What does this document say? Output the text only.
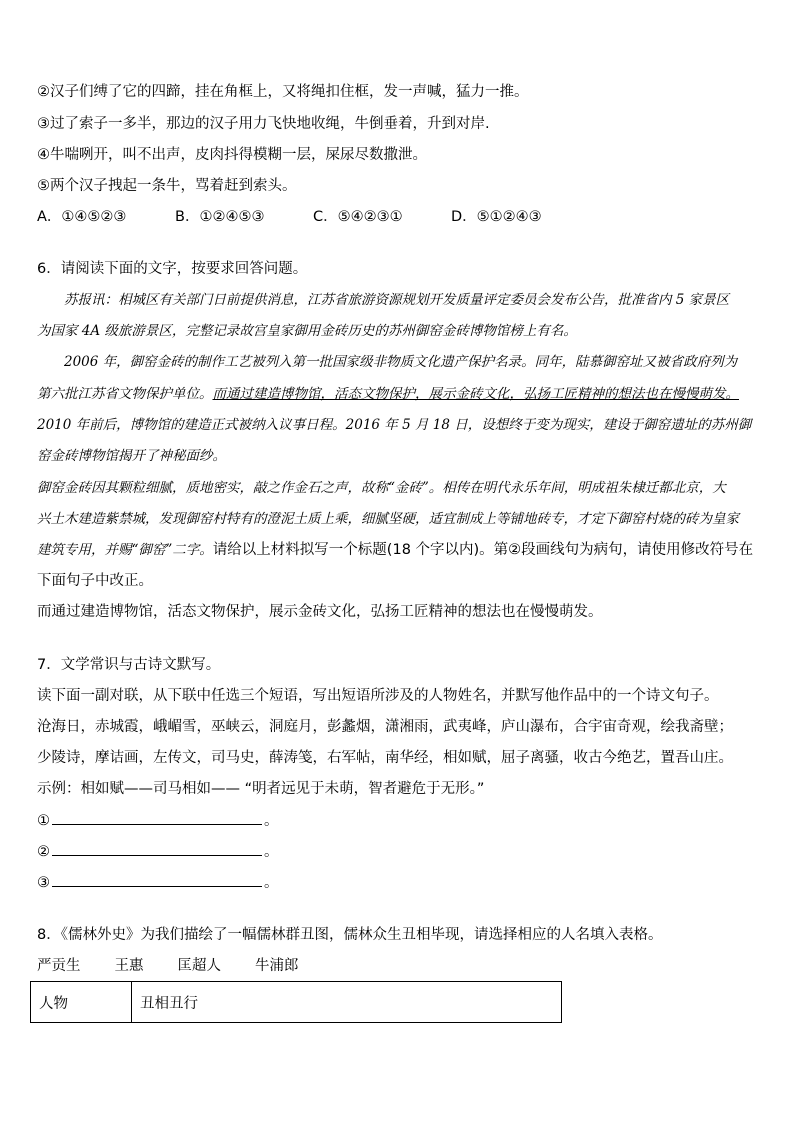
②汉子们缚了它的四蹄，挂在角框上，又将绳扣住框，发一声喊，猛力一推。
③过了索子一多半，那边的汉子用力飞快地收绳，牛倒垂着，升到对岸.
④牛喘咧开，叫不出声，皮肉抖得模糊一层，屎尿尽数撒泄。
⑤两个汉子拽起一条牛，骂着赶到索头。
A．①④⑤②③	B．①②④⑤③	C．⑤④②③①	D．⑤①②④③
6．请阅读下面的文字，按要求回答问题。
苏报讯：相城区有关部门日前提供消息，江苏省旅游资源规划开发质量评定委员会发布公告，批准省内 5 家景区
为国家 4A 级旅游景区，完整记录故宫皇家御用金砖历史的苏州御窑金砖博物馆榜上有名。
2006 年，御窑金砖的制作工艺被列入第一批国家级非物质文化遗产保护名录。同年，陆慕御窑址又被省政府列为
第六批江苏省文物保护单位。而通过建造博物馆，活态文物保护，展示金砖文化，弘扬工匠精神的想法也在慢慢萌发。
2010 年前后，博物馆的建造正式被纳入议事日程。2016 年 5 月 18 日，设想终于变为现实，建设于御窑遗址的苏州御
窑金砖博物馆揭开了神秘面纱。
御窑金砖因其颗粒细腻，质地密实，敲之作金石之声，故称“金砖”。相传在明代永乐年间，明成祖朱棣迁都北京，大
兴土木建造紫禁城，发现御窑村特有的澄泥土质上乘，细腻坚硬，适宜制成上等铺地砖专，才定下御窑村烧的砖为皇家
建筑专用，并赐“御窑”二字。请给以上材料拟写一个标题(18 个字以内)。第②段画线句为病句，请使用修改符号在
下面句子中改正。
而通过建造博物馆，活态文物保护，展示金砖文化，弘扬工匠精神的想法也在慢慢萌发。
7．文学常识与古诗文默写。
读下面一副对联，从下联中任选三个短语，写出短语所涉及的人物姓名，并默写他作品中的一个诗文句子。
沧海日，赤城霞，峨嵋雪，巫峡云，洞庭月，彭蠡烟，潇湘雨，武夷峰，庐山瀑布，合宇宙奇观，绘我斋壁；
少陵诗，摩诘画，左传文，司马史，薛涛笺，右军帖，南华经，相如赋，屈子离骚，收古今绝艺，置吾山庄。
示例：相如赋——司马相如—— “明者远见于未萌，智者避危于无形。”
①	。
②	。
③	。
8．《儒林外史》为我们描绘了一幅儒林群丑图，儒林众生丑相毕现，请选择相应的人名填入表格。
严贡生 王惠 匡超人 牛浦郎
人物	丑相丑行
